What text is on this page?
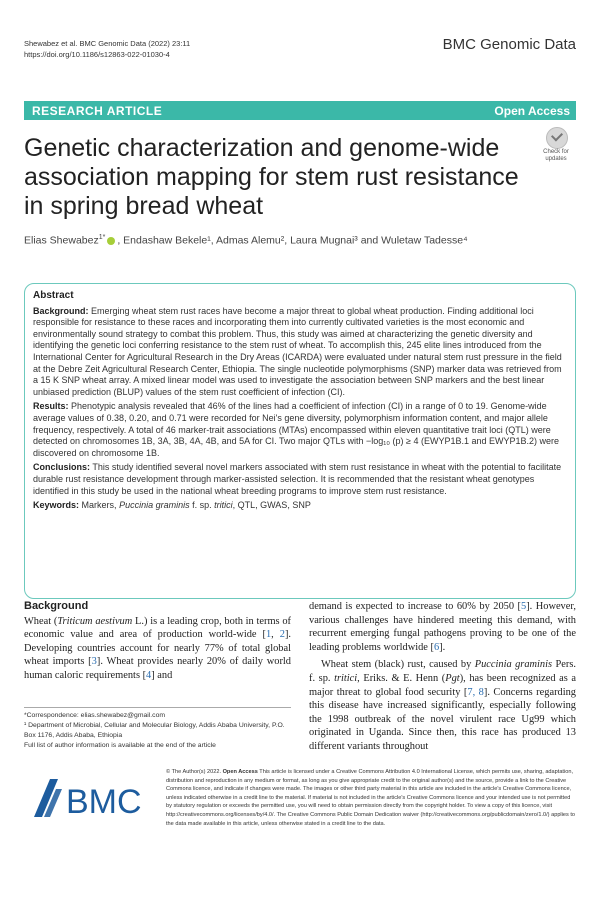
Shewabez et al. BMC Genomic Data (2022) 23:11
https://doi.org/10.1186/s12863-022-01030-4
BMC Genomic Data
RESEARCH ARTICLE	Open Access
Genetic characterization and genome-wide association mapping for stem rust resistance in spring bread wheat
Check for
updates
Elias Shewabez$^{1*}$ , Endashaw Bekele¹, Admas Alemu², Laura Mugnai³ and Wuletaw Tadesse⁴

Abstract

Background: Emerging wheat stem rust races have become a major threat to global wheat production. Finding additional loci responsible for resistance to these races and incorporating them into currently cultivated varieties is the most economic and environmentally sound strategy to combat this problem. Thus, this study was aimed at characterizing the genetic diversity and identifying the genetic loci conferring resistance to the stem rust of wheat. To accomplish this, 245 elite lines introduced from the International Center for Agricultural Research in the Dry Areas (ICARDA) were evaluated under natural stem rust pressure in the field at the Debre Zeit Agricultural Research Center, Ethiopia. The single nucleotide polymorphisms (SNP) marker data was retrieved from a 15 K SNP wheat array. A mixed linear model was used to investigate the association between SNP markers and the best linear unbiased prediction (BLUP) values of the stem rust coefficient of infection (CI).

Results: Phenotypic analysis revealed that 46% of the lines had a coefficient of infection (CI) in a range of 0 to 19. Genome-wide average values of 0.38, 0.20, and 0.71 were recorded for Nei's gene diversity, polymorphism information content, and major allele frequency, respectively. A total of 46 marker-trait associations (MTAs) encompassed within eleven quantitative trait loci (QTL) were detected on chromosomes 1B, 3A, 3B, 4A, 4B, and 5A for CI. Two major QTLs with −log₁₀ (p) ≥ 4 (EWYP1B.1 and EWYP1B.2) were discovered on chromosome 1B.

Conclusions: This study identified several novel markers associated with stem rust resistance in wheat with the potential to facilitate durable rust resistance development through marker-assisted selection. It is recommended that the resistant wheat genotypes identified in this study be used in the national wheat breeding programs to improve stem rust resistance.

Keywords: Markers, Puccinia graminis f. sp. tritici, QTL, GWAS, SNP

Background

Wheat (Triticum aestivum L.) is a leading crop, both in terms of economic value and area of production world-wide [1, 2]. Developing countries account for nearly 77% of total global wheat imports [3]. Wheat provides nearly 20% of daily world human caloric requirements [4] and

demand is expected to increase to 60% by 2050 [5]. However, various challenges have hindered meeting this demand, with recurrent emerging fungal pathogens proving to be one of the leading problems worldwide [6].

Wheat stem (black) rust, caused by Puccinia graminis Pers. f. sp. tritici, Eriks. & E. Henn (Pgt), has been recognized as a major threat to global food security [7, 8]. Concerns regarding this disease have increased significantly, especially following the 1998 outbreak of the novel virulent race Ug99 which originated in Uganda. Since then, this race has produced 13 different variants throughout

*Correspondence: elias.shewabez@gmail.com
¹ Department of Microbial, Cellular and Molecular Biology, Addis Ababa University, P.O. Box 1176, Addis Ababa, Ethiopia
Full list of author information is available at the end of the article
BMC
© The Author(s) 2022. Open Access This article is licensed under a Creative Commons Attribution 4.0 International License, which permits use, sharing, adaptation, distribution and reproduction in any medium or format, as long as you give appropriate credit to the original author(s) and the source, provide a link to the Creative Commons licence, and indicate if changes were made. The images or other third party material in this article are included in the article's Creative Commons licence, unless indicated otherwise in a credit line to the material. If material is not included in the article's Creative Commons licence and your intended use is not permitted by statutory regulation or exceeds the permitted use, you will need to obtain permission directly from the copyright holder. To view a copy of this licence, visit http://creativecommons.org/licenses/by/4.0/. The Creative Commons Public Domain Dedication waiver (http://creativecommons.org/publicdomain/zero/1.0/) applies to the data made available in this article, unless otherwise stated in a credit line to the data.
